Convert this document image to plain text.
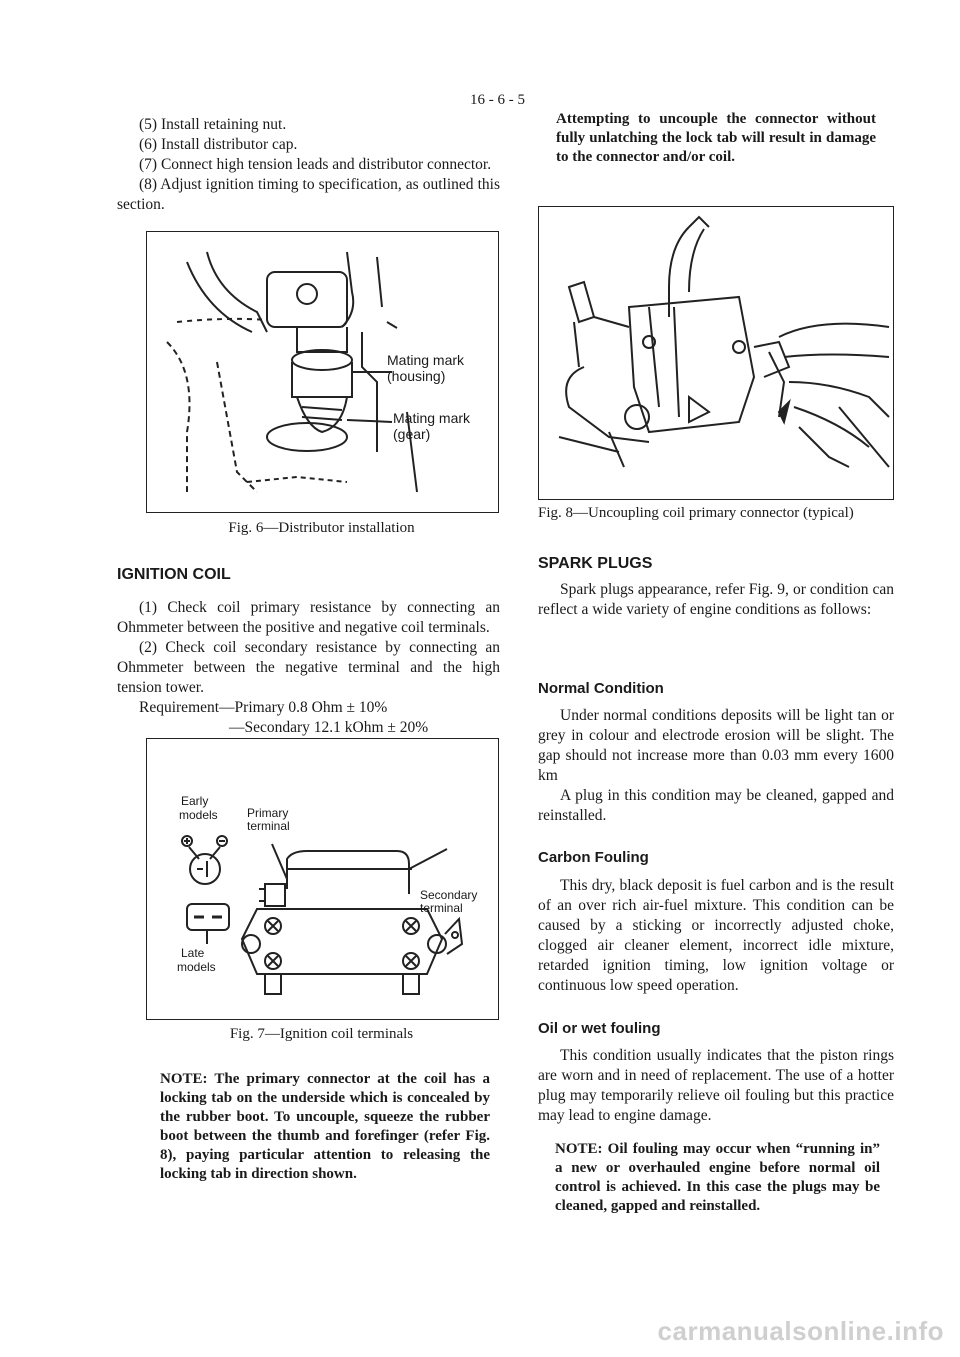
16 - 6 - 5

(5) Install retaining nut.

(6) Install distributor cap.

(7) Connect high tension leads and distributor connector.

(8) Adjust ignition timing to specification, as outlined this section.

Mating mark
(housing)
Mating mark
(gear)
Fig. 6—Distributor installation
IGNITION COIL

(1) Check coil primary resistance by connecting an Ohmmeter between the positive and negative coil terminals.

(2) Check coil secondary resistance by connecting an Ohmmeter between the negative terminal and the high tension tower.

Requirement—Primary 0.8 Ohm ± 10%

—Secondary 12.1 kOhm ± 20%

Early
models Primary
terminal
Secondary
terminal
Late
models
Fig. 7—Ignition coil terminals
NOTE: The primary connector at the coil has a locking tab on the underside which is concealed by the rubber boot. To uncouple, squeeze the rubber boot between the thumb and forefinger (refer Fig. 8), paying particular attention to releasing the locking tab in direction shown.
Attempting to uncouple the connector without fully unlatching the lock tab will result in damage to the connector and/or coil.
Fig. 8—Uncoupling coil primary connector (typical)
SPARK PLUGS

Spark plugs appearance, refer Fig. 9, or condition can reflect a wide variety of engine conditions as follows:

Normal Condition

Under normal conditions deposits will be light tan or grey in colour and electrode erosion will be slight. The gap should not increase more than 0.03 mm every 1600 km

A plug in this condition may be cleaned, gapped and reinstalled.

Carbon Fouling

This dry, black deposit is fuel carbon and is the result of an over rich air-fuel mixture. This condition can be caused by a sticking or incorrectly adjusted choke, clogged air cleaner element, incorrect idle mixture, retarded ignition timing, low ignition voltage or continuous low speed operation.

Oil or wet fouling

This condition usually indicates that the piston rings are worn and in need of replacement. The use of a hotter plug may temporarily relieve oil fouling but this practice may lead to engine damage.

NOTE: Oil fouling may occur when “running in” a new or overhauled engine before normal oil control is achieved. In this case the plugs may be cleaned, gapped and reinstalled.
carmanualsonline.info
